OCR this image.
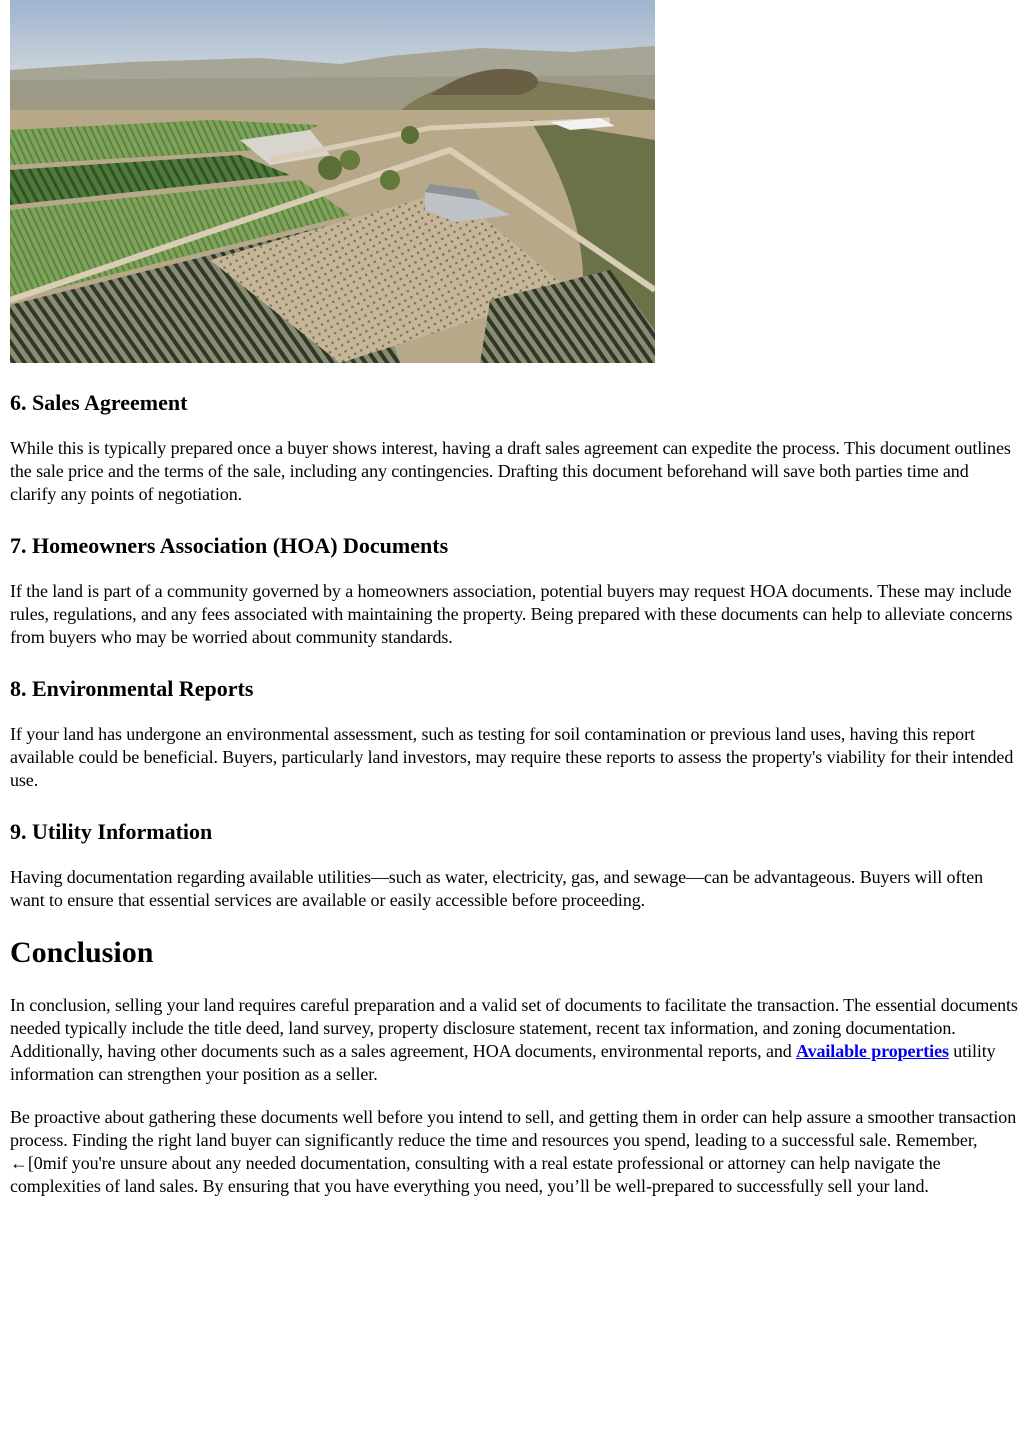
6. Sales Agreement

While this is typically prepared once a buyer shows interest, having a draft sales agreement can expedite the process. This document outlines the sale price and the terms of the sale, including any contingencies. Drafting this document beforehand will save both parties time and clarify any points of negotiation.

7. Homeowners Association (HOA) Documents

If the land is part of a community governed by a homeowners association, potential buyers may request HOA documents. These may include rules, regulations, and any fees associated with maintaining the property. Being prepared with these documents can help to alleviate concerns from buyers who may be worried about community standards.

8. Environmental Reports

If your land has undergone an environmental assessment, such as testing for soil contamination or previous land uses, having this report available could be beneficial. Buyers, particularly land investors, may require these reports to assess the property's viability for their intended use.

9. Utility Information

Having documentation regarding available utilities—such as water, electricity, gas, and sewage—can be advantageous. Buyers will often want to ensure that essential services are available or easily accessible before proceeding.

Conclusion

In conclusion, selling your land requires careful preparation and a valid set of documents to facilitate the transaction. The essential documents needed typically include the title deed, land survey, property disclosure statement, recent tax information, and zoning documentation. Additionally, having other documents such as a sales agreement, HOA documents, environmental reports, and Available properties utility information can strengthen your position as a seller.

Be proactive about gathering these documents well before you intend to sell, and getting them in order can help assure a smoother transaction process. Finding the right land buyer can significantly reduce the time and resources you spend, leading to a successful sale. Remember, ←[0mif you're unsure about any needed documentation, consulting with a real estate professional or attorney can help navigate the complexities of land sales. By ensuring that you have everything you need, you’ll be well-prepared to successfully sell your land.
